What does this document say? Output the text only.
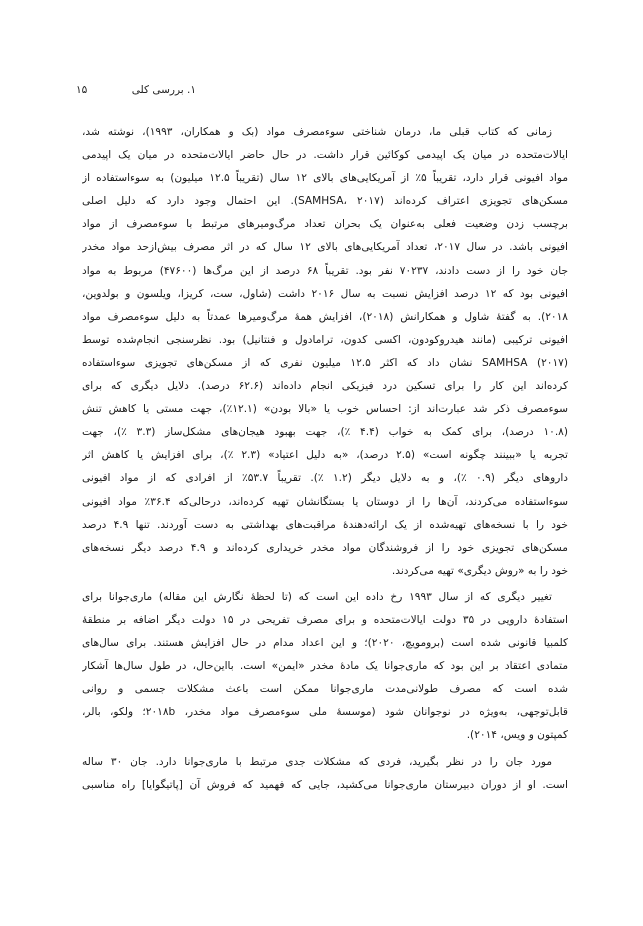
۱. بررسی کلی
۱۵
زمانی که کتاب قبلی ما، درمان شناختی سوءمصرف مواد (بک و همکاران، ۱۹۹۳)، نوشته شد،
ایالات‌متحده در میان یک اپیدمی کوکائین قرار داشت. در حال حاضر ایالات‌متحده در میان یک اپیدمی
مواد افیونی قرار دارد، تقریباً ۵٪ از آمریکایی‌های بالای ۱۲ سال (تقریباً ۱۲.۵ میلیون) به سوءاستفاده از
مسکن‌های تجویزی اعتراف کرده‌اند (SAMHSA، ۲۰۱۷). این احتمال وجود دارد که دلیل اصلی
برچسب زدن وضعیت فعلی به‌عنوان یک بحران تعداد مرگ‌ومیرهای مرتبط با سوءمصرف از مواد
افیونی باشد. در سال ۲۰۱۷، تعداد آمریکایی‌های بالای ۱۲ سال که در اثر مصرف بیش‌ازحد مواد مخدر
جان خود را از دست دادند، ۷۰۲۳۷ نفر بود. تقریباً ۶۸ درصد از این مرگ‌ها (۴۷۶۰۰) مربوط به مواد
افیونی بود که ۱۲ درصد افزایش نسبت به سال ۲۰۱۶ داشت (شاول، ست، کریزا، ویلسون و بولدوین،
۲۰۱۸). به گفتهٔ شاول و همکارانش (۲۰۱۸)، افزایش همهٔ مرگ‌ومیرها عمدتاً به دلیل سوءمصرف مواد
افیونی ترکیبی (مانند هیدروکودون، اکسی کدون، ترامادول و فنتانیل) بود. نظرسنجی انجام‌شده توسط
SAMHSA (۲۰۱۷) نشان داد که اکثر ۱۲.۵ میلیون نفری که از مسکن‌های تجویزی سوءاستفاده
کرده‌اند این کار را برای تسکین درد فیزیکی انجام داده‌اند (۶۲.۶ درصد). دلایل دیگری که برای
سوءمصرف ذکر شد عبارت‌اند از: احساس خوب یا «بالا بودن» (۱۲.۱٪)، جهت مستی یا کاهش تنش
(۱۰.۸ درصد)، برای کمک به خواب (۴.۴ ٪)، جهت بهبود هیجان‌های مشکل‌ساز (۳.۳ ٪)، جهت
تجربه یا «ببینند چگونه است» (۲.۵ درصد)، «به دلیل اعتیاد» (۲.۳ ٪)، برای افزایش یا کاهش اثر
داروهای دیگر (۰.۹ ٪)، و به دلایل دیگر (۱.۲ ٪). تقریباً ۵۳.۷٪ از افرادی که از مواد افیونی
سوءاستفاده می‌کردند، آن‌ها را از دوستان یا بستگانشان تهیه کرده‌اند، درحالی‌که ۳۶.۴٪ مواد افیونی
خود را با نسخه‌های تهیه‌شده از یک ارائه‌دهندهٔ مراقبت‌های بهداشتی به دست آوردند. تنها ۴.۹ درصد
مسکن‌های تجویزی خود را از فروشندگان مواد مخدر خریداری کرده‌اند و ۴.۹ درصد دیگر نسخه‌های
خود را به «روش دیگری» تهیه می‌کردند.
تغییر دیگری که از سال ۱۹۹۳ رخ داده این است که (تا لحظهٔ نگارش این مقاله) ماری‌جوانا برای
استفادهٔ دارویی در ۳۵ دولت ایالات‌متحده و برای مصرف تفریحی در ۱۵ دولت دیگر اضافه بر منطقهٔ
کلمبیا قانونی شده است (برومویچ، ۲۰۲۰)؛ و این اعداد مدام در حال افزایش هستند. برای سال‌های
متمادی اعتقاد بر این بود که ماری‌جوانا یک مادهٔ مخدر «ایمن» است. بااین‌حال، در طول سال‌ها آشکار
شده است که مصرف طولانی‌مدت ماری‌جوانا ممکن است باعث مشکلات جسمی و روانی
قابل‌توجهی، به‌ویژه در نوجوانان شود (موسسهٔ ملی سوءمصرف مواد مخدر، ۲۰۱۸b؛ ولکو، بالر،
کمپتون و ویس، ۲۰۱۴).
مورد جان را در نظر بگیرید، فردی که مشکلات جدی مرتبط با ماری‌جوانا دارد. جان ۳۰ ساله
است. او از دوران دبیرستان ماری‌جوانا می‌کشید، جایی که فهمید که فروش آن [پاتیگوایا] راه مناسبی
